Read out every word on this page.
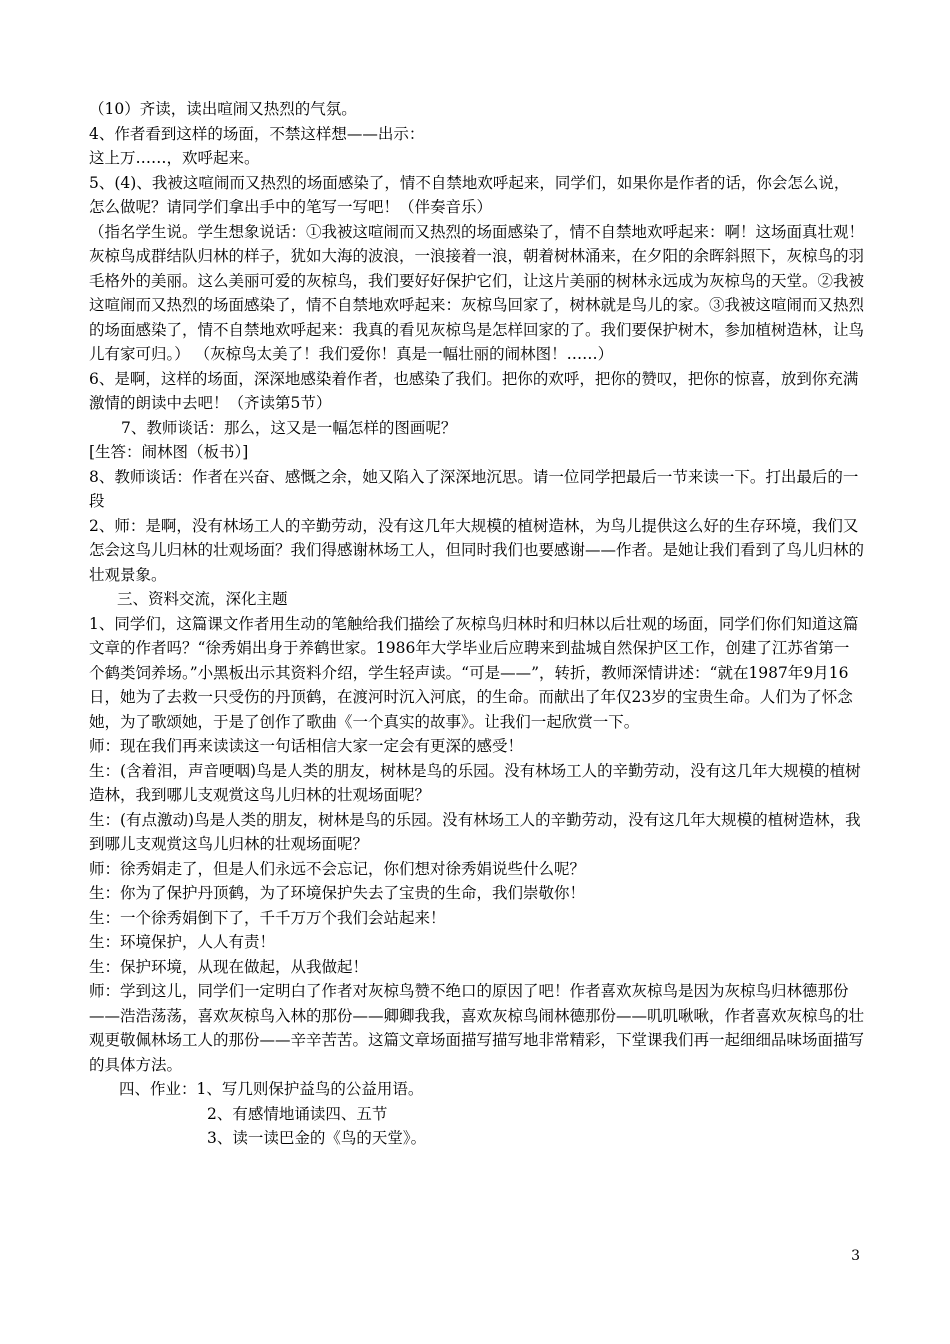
（10）齐读，读出喧闹又热烈的气氛。

4、作者看到这样的场面，不禁这样想——出示：

这上万……，欢呼起来。

5、(4)、我被这喧闹而又热烈的场面感染了，情不自禁地欢呼起来，同学们，如果你是作者的话，你会怎么说，怎么做呢？请同学们拿出手中的笔写一写吧！（伴奏音乐）

（指名学生说。学生想象说话：①我被这喧闹而又热烈的场面感染了，情不自禁地欢呼起来：啊！这场面真壮观！灰椋鸟成群结队归林的样子，犹如大海的波浪，一浪接着一浪，朝着树林涌来，在夕阳的余晖斜照下，灰椋鸟的羽毛格外的美丽。这么美丽可爱的灰椋鸟，我们要好好保护它们，让这片美丽的树林永远成为灰椋鸟的天堂。②我被这喧闹而又热烈的场面感染了，情不自禁地欢呼起来：灰椋鸟回家了，树林就是鸟儿的家。③我被这喧闹而又热烈的场面感染了，情不自禁地欢呼起来：我真的看见灰椋鸟是怎样回家的了。我们要保护树木，参加植树造林，让鸟儿有家可归。） （灰椋鸟太美了！我们爱你！真是一幅壮丽的闹林图！……）

6、是啊，这样的场面，深深地感染着作者，也感染了我们。把你的欢呼，把你的赞叹，把你的惊喜，放到你充满激情的朗读中去吧！（齐读第5节）

7、教师谈话：那么，这又是一幅怎样的图画呢？

[生答：闹林图（板书）]

8、教师谈话：作者在兴奋、感慨之余，她又陷入了深深地沉思。请一位同学把最后一节来读一下。打出最后的一段

2、师：是啊，没有林场工人的辛勤劳动，没有这几年大规模的植树造林，为鸟儿提供这么好的生存环境，我们又怎会这鸟儿归林的壮观场面？我们得感谢林场工人，但同时我们也要感谢——作者。是她让我们看到了鸟儿归林的壮观景象。

三、资料交流，深化主题

1、同学们，这篇课文作者用生动的笔触给我们描绘了灰椋鸟归林时和归林以后壮观的场面，同学们你们知道这篇文章的作者吗？“徐秀娟出身于养鹤世家。1986年大学毕业后应聘来到盐城自然保护区工作，创建了江苏省第一个鹤类饲养场。”小黑板出示其资料介绍，学生轻声读。“可是——”，转折，教师深情讲述：“就在1987年9月16日，她为了去救一只受伤的丹顶鹤，在渡河时沉入河底，的生命。而献出了年仅23岁的宝贵生命。人们为了怀念她，为了歌颂她，于是了创作了歌曲《一个真实的故事》。让我们一起欣赏一下。

师：现在我们再来读读这一句话相信大家一定会有更深的感受！

生：(含着泪，声音哽咽)鸟是人类的朋友，树林是鸟的乐园。没有林场工人的辛勤劳动，没有这几年大规模的植树造林，我到哪儿支观赏这鸟儿归林的壮观场面呢？

生：(有点激动)鸟是人类的朋友，树林是鸟的乐园。没有林场工人的辛勤劳动，没有这几年大规模的植树造林，我到哪儿支观赏这鸟儿归林的壮观场面呢？

师：徐秀娟走了，但是人们永远不会忘记，你们想对徐秀娟说些什么呢？

生：你为了保护丹顶鹤，为了环境保护失去了宝贵的生命，我们崇敬你！

生：一个徐秀娟倒下了，千千万万个我们会站起来！

生：环境保护，人人有责！

生：保护环境，从现在做起，从我做起！

师：学到这儿，同学们一定明白了作者对灰椋鸟赞不绝口的原因了吧！作者喜欢灰椋鸟是因为灰椋鸟归林德那份——浩浩荡荡，喜欢灰椋鸟入林的那份——卿卿我我，喜欢灰椋鸟闹林德那份——叽叽啾啾，作者喜欢灰椋鸟的壮观更敬佩林场工人的那份——辛辛苦苦。这篇文章场面描写描写地非常精彩，下堂课我们再一起细细品味场面描写的具体方法。

四、作业：1、写几则保护益鸟的公益用语。

2、有感情地诵读四、五节

3、读一读巴金的《鸟的天堂》。

3
